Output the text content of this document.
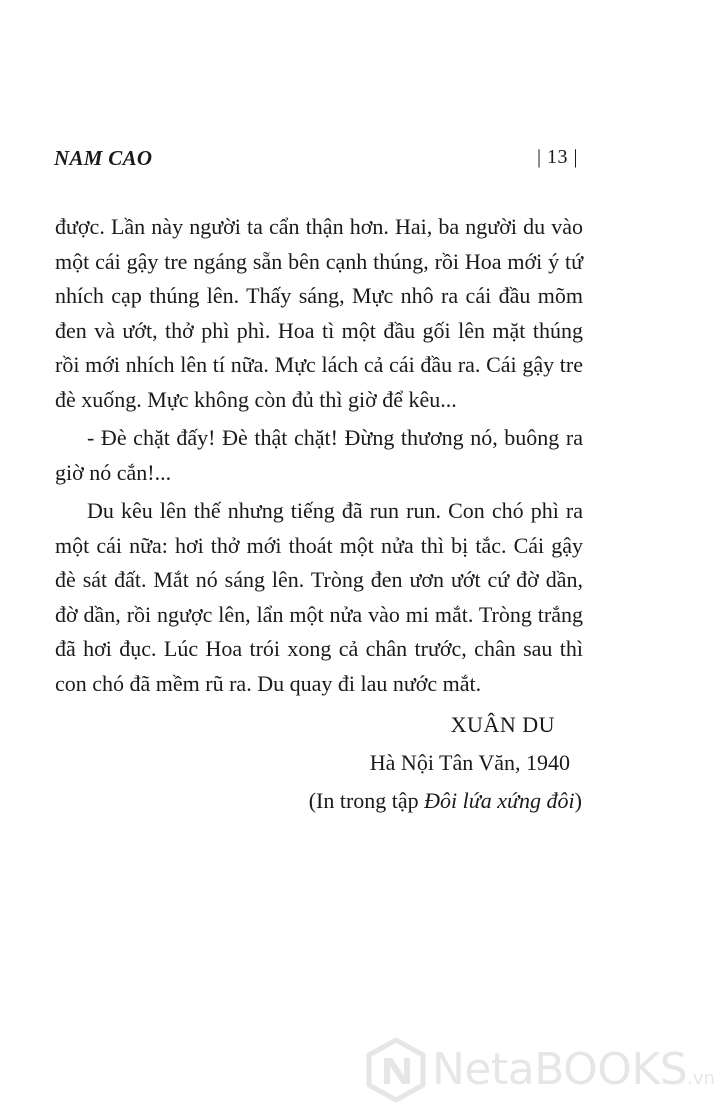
NAM CAO	| 13 |

được. Lần này người ta cẩn thận hơn. Hai, ba người du vào một cái gậy tre ngáng sẵn bên cạnh thúng, rồi Hoa mới ý tứ nhích cạp thúng lên. Thấy sáng, Mực nhô ra cái đầu mõm đen và ướt, thở phì phì. Hoa tì một đầu gối lên mặt thúng rồi mới nhích lên tí nữa. Mực lách cả cái đầu ra. Cái gậy tre đè xuống. Mực không còn đủ thì giờ để kêu...

- Đè chặt đấy! Đè thật chặt! Đừng thương nó, buông ra giờ nó cắn!...

Du kêu lên thế nhưng tiếng đã run run. Con chó phì ra một cái nữa: hơi thở mới thoát một nửa thì bị tắc. Cái gậy đè sát đất. Mắt nó sáng lên. Tròng đen ươn ướt cứ đờ dần, đờ dần, rồi ngược lên, lẩn một nửa vào mi mắt. Tròng trắng đã hơi đục. Lúc Hoa trói xong cả chân trước, chân sau thì con chó đã mềm rũ ra. Du quay đi lau nước mắt.

XUÂN DU
Hà Nội Tân Văn, 1940
(In trong tập Đôi lứa xứng đôi)
NetaBOOKS.vn
